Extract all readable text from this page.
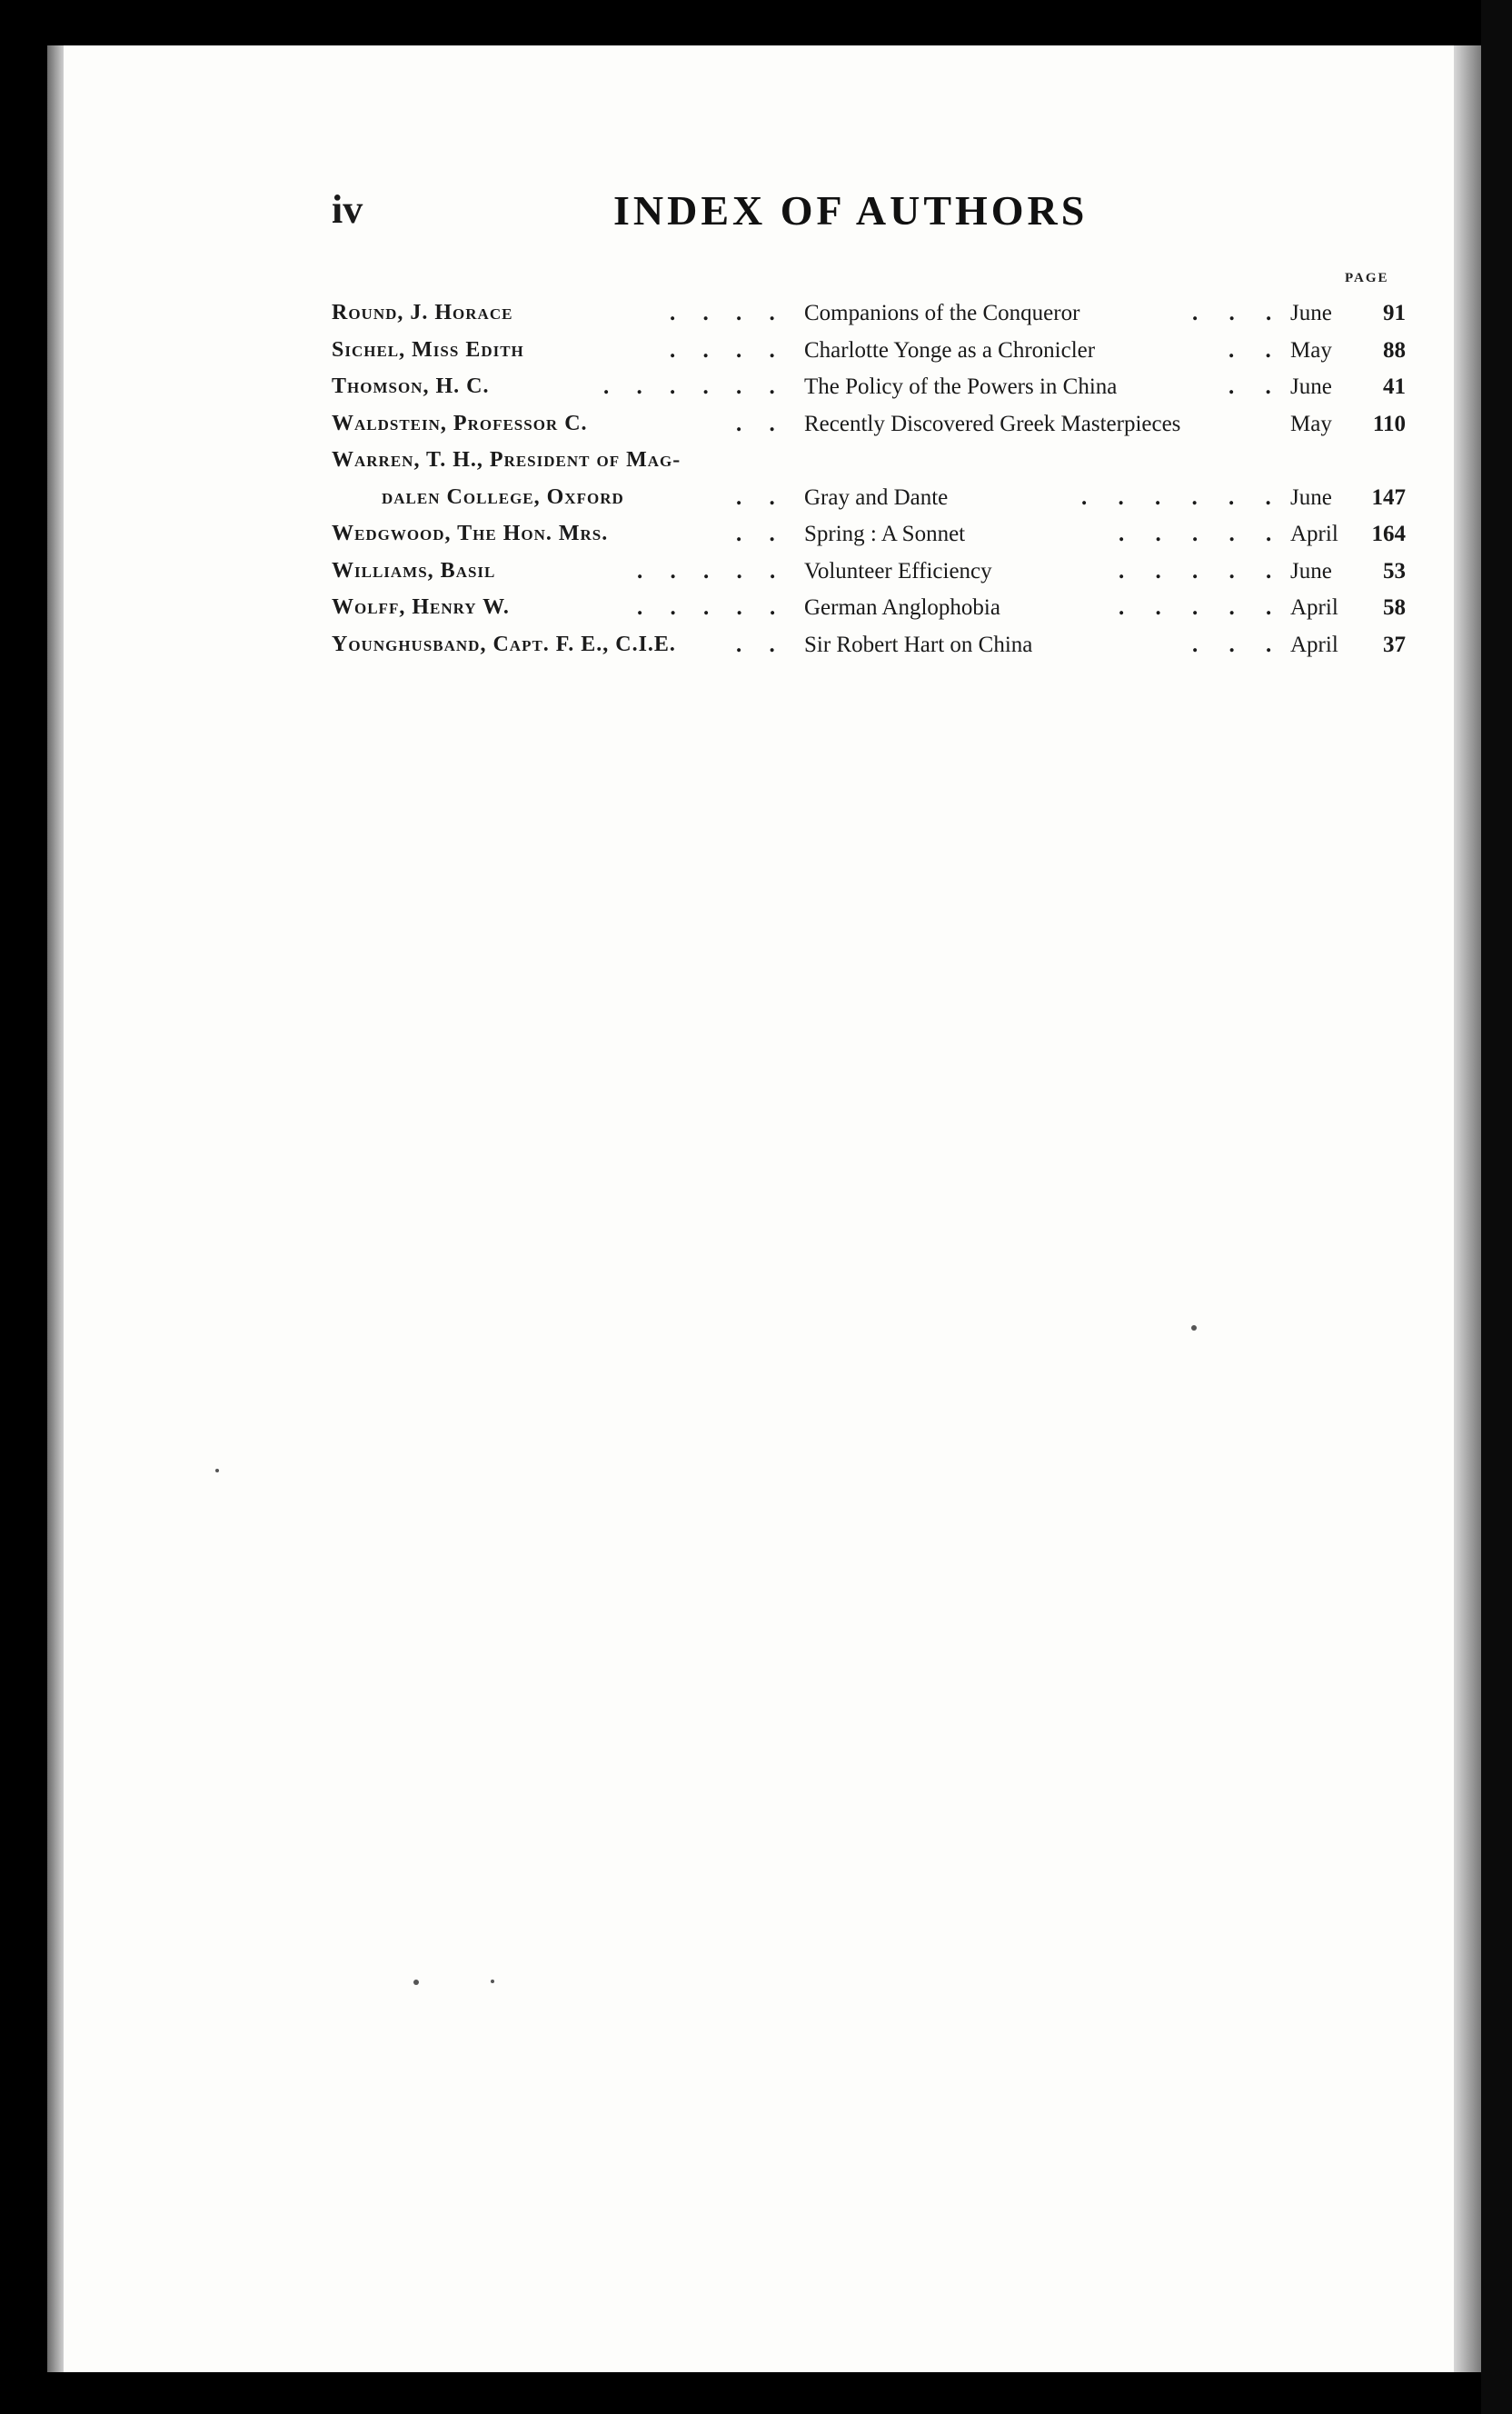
iv	INDEX OF AUTHORS
PAGE
Round, J. Horace	. . . . Companions of the Conqueror	. . . June	91
Sichel, Miss Edith	. . . . Charlotte Yonge as a Chronicler	. . May	88
Thomson, H. C.	. . . . . . The Policy of the Powers in China	. . June	41
Waldstein, Professor C.	. . Recently Discovered Greek Masterpieces	May	110
Warren, T. H., President of Mag-
dalen College, Oxford	. . Gray and Dante	. . . . . . June	147
Wedgwood, The Hon. Mrs.	. . Spring : A Sonnet	. . . . . April	164
Williams, Basil	. . . . . Volunteer Efficiency	. . . . . June	53
Wolff, Henry W.	. . . . . German Anglophobia	. . . . . April	58
Younghusband, Capt. F. E., C.I.E.	. . Sir Robert Hart on China	. . . April	37
